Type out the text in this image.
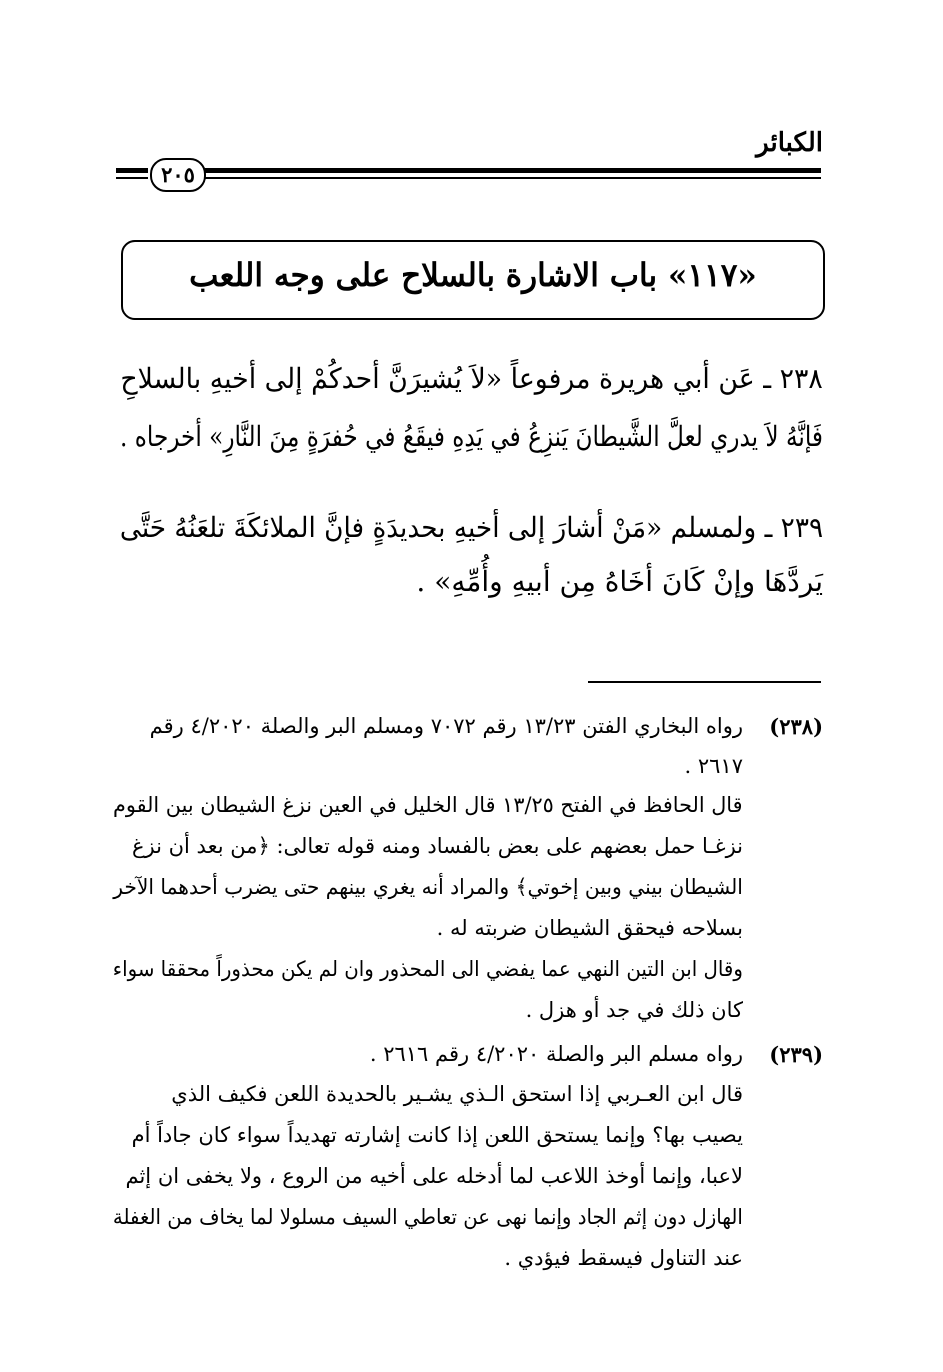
الكبائر
٢٠٥
«١١٧» باب الاشارة بالسلاح على وجه اللعب
٢٣٨ ـ عَن أبي هريرة مرفوعاً «لاَ يُشيرَنَّ أحدكُمْ إلى أخيهِ بالسلاحِ
فَإنَّهُ لاَ يدري لعلَّ الشَّيطانَ يَنزِعُ في يَدِهِ فيقَعُ في حُفرَةٍ مِنَ النَّارِ» أخرجاه .
٢٣٩ ـ ولمسلم «مَنْ أشارَ إلى أخيهِ بحديدَةٍ فإنَّ الملائكَةَ تلعَنُهُ حَتَّى
يَردَّهَا وإنْ كَانَ أخَاهُ مِن أبيهِ وأُمِّهِ» .
(٢٣٨)
رواه البخاري الفتن ١٣/٢٣ رقم ٧٠٧٢ ومسلم البر والصلة ٤/٢٠٢٠ رقم
٢٦١٧ .
قال الحافظ في الفتح ١٣/٢٥ قال الخليل في العين نزغ الشيطان بين القوم
نزغـا حمل بعضهم على بعض بالفساد ومنه قوله تعالى: ﴿من بعد أن نزغ
الشيطان بيني وبين إخوتي﴾ والمراد أنه يغري بينهم حتى يضرب أحدهما الآخر
بسلاحه فيحقق الشيطان ضربته له .
وقال ابن التين النهي عما يفضي الى المحذور وان لم يكن محذوراً محققا سواء
كان ذلك في جد أو هزل .
(٢٣٩)
رواه مسلم البر والصلة ٤/٢٠٢٠ رقم ٢٦١٦ .
قال ابن العـربي إذا استحق الـذي يشـير بالحديدة اللعن فكيف الذي
يصيب بها؟ وإنما يستحق اللعن إذا كانت إشارته تهديداً سواء كان جاداً أم
لاعبا، وإنما أوخذ اللاعب لما أدخله على أخيه من الروع ، ولا يخفى ان إثم
الهازل دون إثم الجاد وإنما نهى عن تعاطي السيف مسلولا لما يخاف من الغفلة
عند التناول فيسقط فيؤدي .
